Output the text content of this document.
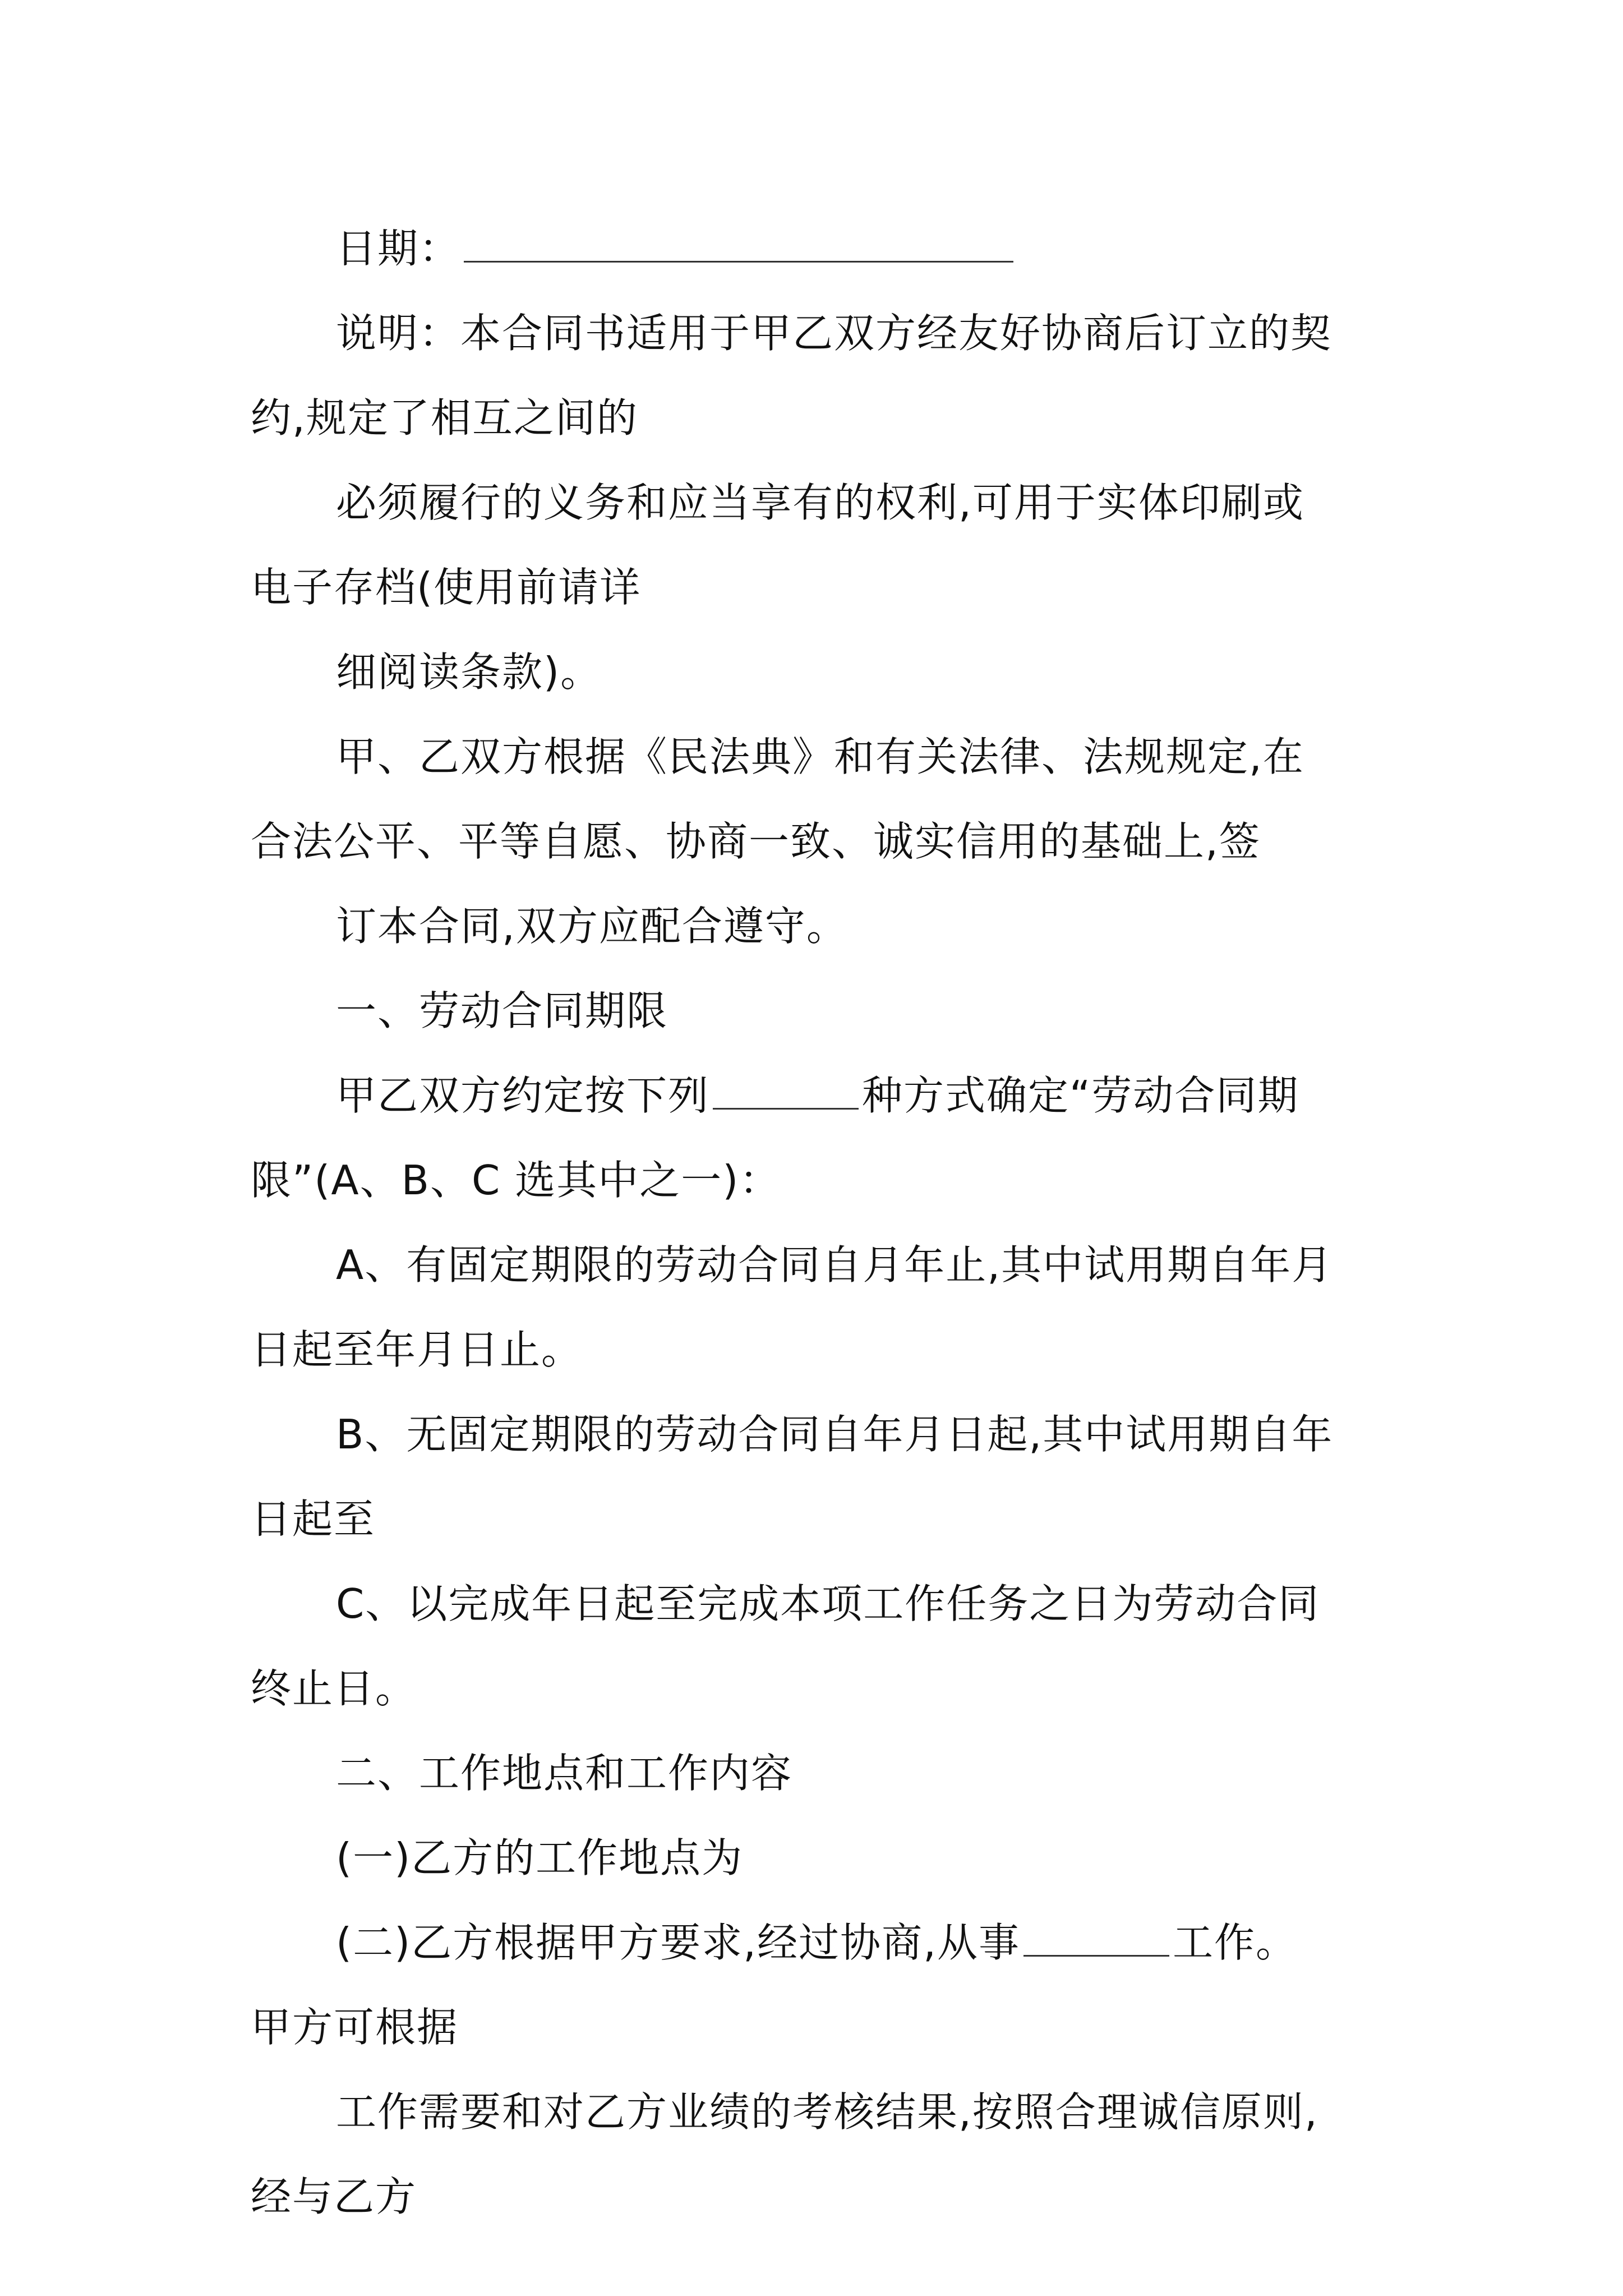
日期：
说明：本合同书适用于甲乙双方经友好协商后订立的契
约,规定了相互之间的
必须履行的义务和应当享有的权利,可用于实体印刷或
电子存档(使用前请详
细阅读条款)。
甲、乙双方根据《民法典》和有关法律、法规规定,在
合法公平、平等自愿、协商一致、诚实信用的基础上,签
订本合同,双方应配合遵守。
一、劳动合同期限
甲乙双方约定按下列	种方式确定“劳动合同期
限”(A、B、C 选其中之一)：
A、有固定期限的劳动合同自月年止,其中试用期自年月
日起至年月日止。
B、无固定期限的劳动合同自年月日起,其中试用期自年
日起至
C、以完成年日起至完成本项工作任务之日为劳动合同
终止日。
二、工作地点和工作内容
(一)乙方的工作地点为
(二)乙方根据甲方要求,经过协商,从事	工作。
甲方可根据
工作需要和对乙方业绩的考核结果,按照合理诚信原则,
经与乙方
